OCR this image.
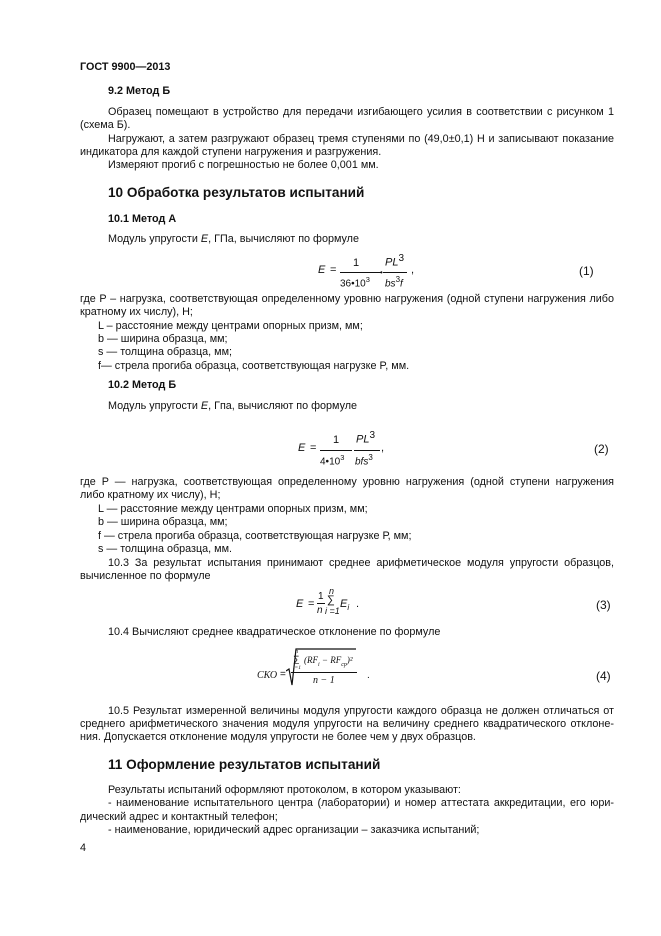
ГОСТ 9900—2013
9.2 Метод Б
Образец помещают в устройство для передачи изгибающего усилия в соответствии с рисунком 1
(схема Б).
Нагружают, а затем разгружают образец тремя ступенями по (49,0±0,1) Н и записывают показание
индикатора для каждой ступени нагружения и разгружения.
Измеряют прогиб с погрешностью не более 0,001 мм.
10 Обработка результатов испытаний
10.1 Метод А
Модуль упругости E, ГПа, вычисляют по формуле
E =
1
$36•10^3$
•
$PL^3$
$bs^3f$
,	(1)
где P – нагрузка, соответствующая определенному уровню нагружения (одной ступени нагружения либо
кратному их числу), Н;
L – расстояние между центрами опорных призм, мм;
b — ширина образца, мм;
s — толщина образца, мм;
f— стрела прогиба образца, соответствующая нагрузке P, мм.
10.2 Метод Б
Модуль упругости E, Гпа, вычисляют по формуле
E =
1
$4•10^3$
$PL^3$
bfs$^3$
,	(2)
где P — нагрузка, соответствующая определенному уровню нагружения (одной ступени нагружения
либо кратному их числу), Н;
L — расстояние между центрами опорных призм, мм;
b — ширина образца, мм;
f — стрела прогиба образца, соответствующая нагрузке Р, мм;
s — толщина образца, мм.
10.3 За результат испытания принимают среднее арифметическое модуля упругости образцов,
вычисленное по формуле
E =
1
n
n
∑
i =1
$E_i$ .	(3)
10.4 Вычисляют среднее квадратическое отклонение по формуле
СКО =
n
∑
i=1
$(RF_i - RF_{cp})^2$
n − 1	.	(4)
10.5 Результат измеренной величины модуля упругости каждого образца не должен отличаться от
среднего арифметического значения модуля упругости на величину среднего квадратического отклоне-
ния. Допускается отклонение модуля упругости не более чем у двух образцов.
11 Оформление результатов испытаний
Результаты испытаний оформляют протоколом, в котором указывают:
- наименование испытательного центра (лаборатории) и номер аттестата аккредитации, его юри-
дический адрес и контактный телефон;
- наименование, юридический адрес организации – заказчика испытаний;
4
